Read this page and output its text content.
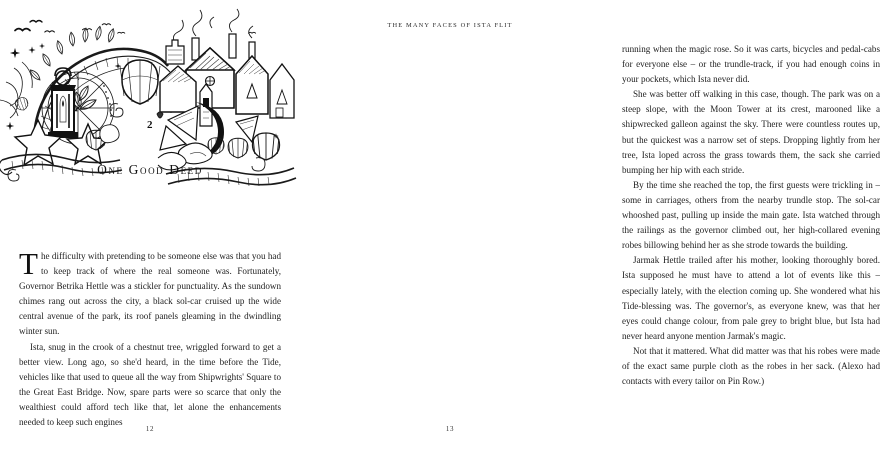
2
One Good Deed

The difficulty with pretending to be someone else was that you had to keep track of where the real someone was. Fortunately, Governor Betrika Hettle was a stickler for punctuality. As the sundown chimes rang out across the city, a black sol-car cruised up the wide central avenue of the park, its roof panels gleaming in the dwindling winter sun.

Ista, snug in the crook of a chestnut tree, wriggled forward to get a better view. Long ago, so she'd heard, in the time before the Tide, vehicles like that used to queue all the way from Shipwrights' Square to the Great East Bridge. Now, spare parts were so scarce that only the wealthiest could afford tech like that, let alone the enhancements needed to keep such engines

12
THE MANY FACES OF ISTA FLIT

running when the magic rose. So it was carts, bicycles and pedal-cabs for everyone else – or the trundle-track, if you had enough coins in your pockets, which Ista never did.

She was better off walking in this case, though. The park was on a steep slope, with the Moon Tower at its crest, marooned like a shipwrecked galleon against the sky. There were countless routes up, but the quickest was a narrow set of steps. Dropping lightly from her tree, Ista loped across the grass towards them, the sack she carried bumping her hip with each stride.

By the time she reached the top, the first guests were trickling in – some in carriages, others from the nearby trundle stop. The sol-car whooshed past, pulling up inside the main gate. Ista watched through the railings as the governor climbed out, her high-collared evening robes billowing behind her as she strode towards the building.

Jarmak Hettle trailed after his mother, looking thoroughly bored. Ista supposed he must have to attend a lot of events like this – especially lately, with the election coming up. She wondered what his Tide-blessing was. The governor's, as everyone knew, was that her eyes could change colour, from pale grey to bright blue, but Ista had never heard anyone mention Jarmak's magic.

Not that it mattered. What did matter was that his robes were made of the exact same purple cloth as the robes in her sack. (Alexo had contacts with every tailor on Pin Row.)

13
